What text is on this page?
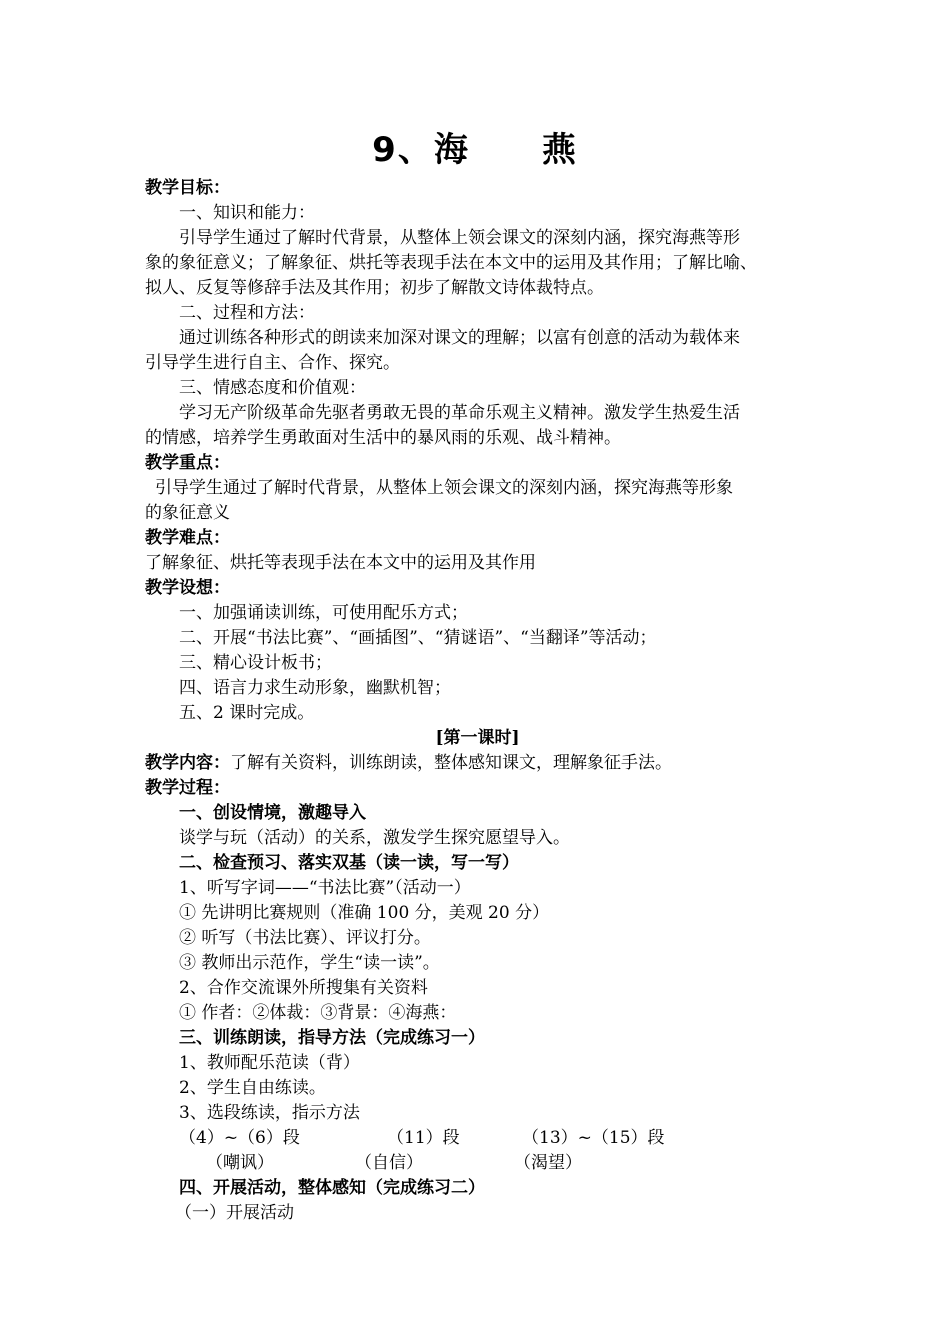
9、海　　燕

教学目标：

一、知识和能力：

引导学生通过了解时代背景，从整体上领会课文的深刻内涵，探究海燕等形

象的象征意义；了解象征、烘托等表现手法在本文中的运用及其作用；了解比喻、

拟人、反复等修辞手法及其作用；初步了解散文诗体裁特点。

二、过程和方法：

通过训练各种形式的朗读来加深对课文的理解；以富有创意的活动为载体来

引导学生进行自主、合作、探究。

三、情感态度和价值观：

学习无产阶级革命先驱者勇敢无畏的革命乐观主义精神。激发学生热爱生活

的情感，培养学生勇敢面对生活中的暴风雨的乐观、战斗精神。

教学重点：

引导学生通过了解时代背景，从整体上领会课文的深刻内涵，探究海燕等形象

的象征意义

教学难点：

了解象征、烘托等表现手法在本文中的运用及其作用

教学设想：

一、加强诵读训练，可使用配乐方式；

二、开展“书法比赛”、“画插图”、“猜谜语”、“当翻译”等活动；

三、精心设计板书；

四、语言力求生动形象，幽默机智；

五、2 课时完成。

[第一课时]

教学内容：了解有关资料，训练朗读，整体感知课文，理解象征手法。

教学过程：

一、创设情境，激趣导入

谈学与玩（活动）的关系，激发学生探究愿望导入。

二、检查预习、落实双基（读一读，写一写）

1、听写字词——“书法比赛”（活动一）

① 先讲明比赛规则（准确 100 分，美观 20 分）

② 听写（书法比赛）、评议打分。

③ 教师出示范作，学生“读一读”。

2、合作交流课外所搜集有关资料

① 作者：②体裁：③背景：④海燕：

三、训练朗读，指导方法（完成练习一）

1、教师配乐范读（背）

2、学生自由练读。

3、选段练读，指示方法

（4）~（6）段	（11）段	（13）~（15）段
（嘲讽）	（自信）	（渴望）

四、开展活动，整体感知（完成练习二）

（一）开展活动
